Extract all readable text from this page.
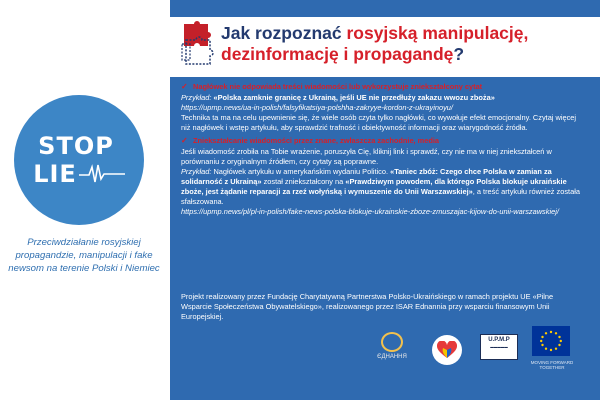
STOP
LIE
Przeciwdziałanie rosyjskiej propagandzie, manipulacji i fake newsom na terenie Polski i Niemiec
Jak rozpoznać rosyjską manipulację,
dezinformację i propagandę?
✓ Nagłówek nie odpowiada treści wiadomości lub wykorzystuje zniekształcony cytat

Przykład: «Polska zamknie granicę z Ukrainą, jeśli UE nie przedłuży zakazu wwozu zboża»

https://upmp.news/ua-in-polish/falsyfikatsiya-polshha-zakryye-kordon-z-ukrayinoyu/

Technika ta ma na celu upewnienie się, że wiele osób czyta tylko nagłówki, co wywołuje efekt emocjonalny. Czytaj więcej niż nagłówek i wstęp artykułu, aby sprawdzić trafność i obiektywność informacji oraz wiarygodność źródła.

✓ Zniekształcanie wiadomości przez znane, zwłaszcza zachodnie, media

Jeśli wiadomość zrobiła na Tobie wrażenie, poruszyła Cię, kliknij link i sprawdź, czy nie ma w niej zniekształceń w porównaniu z oryginalnym źródłem, czy cytaty są poprawne.

Przykład: Nagłówek artykułu w amerykańskim wydaniu Politico. «Taniec zbóż: Czego chce Polska w zamian za solidarność z Ukrainą» został zniekształcony na «Prawdziwym powodem, dla którego Polska blokuje ukraińskie zboże, jest żądanie reparacji za rzeź wołyńską i wymuszenie do Unii Warszawskiej», a treść artykułu również została sfałszowana.

https://upmp.news/pl/pl-in-polish/fake-news-polska-blokuje-ukrainskie-zboze-zmuszajac-kijow-do-unii-warszawskiej/

Projekt realizowany przez Fundację Charytatywną Partnerstwa Polsko-Ukraińskiego w ramach projektu UE «Pilne Wsparcie Społeczeństwa Obywatelskiego», realizowanego przez ISAR Ednannia przy wsparciu finansowym Unii Europejskiej.
ЄДНАННЯ
U.P.M.P
▬▬▬▬▬
MOVING FORWARD TOGETHER
